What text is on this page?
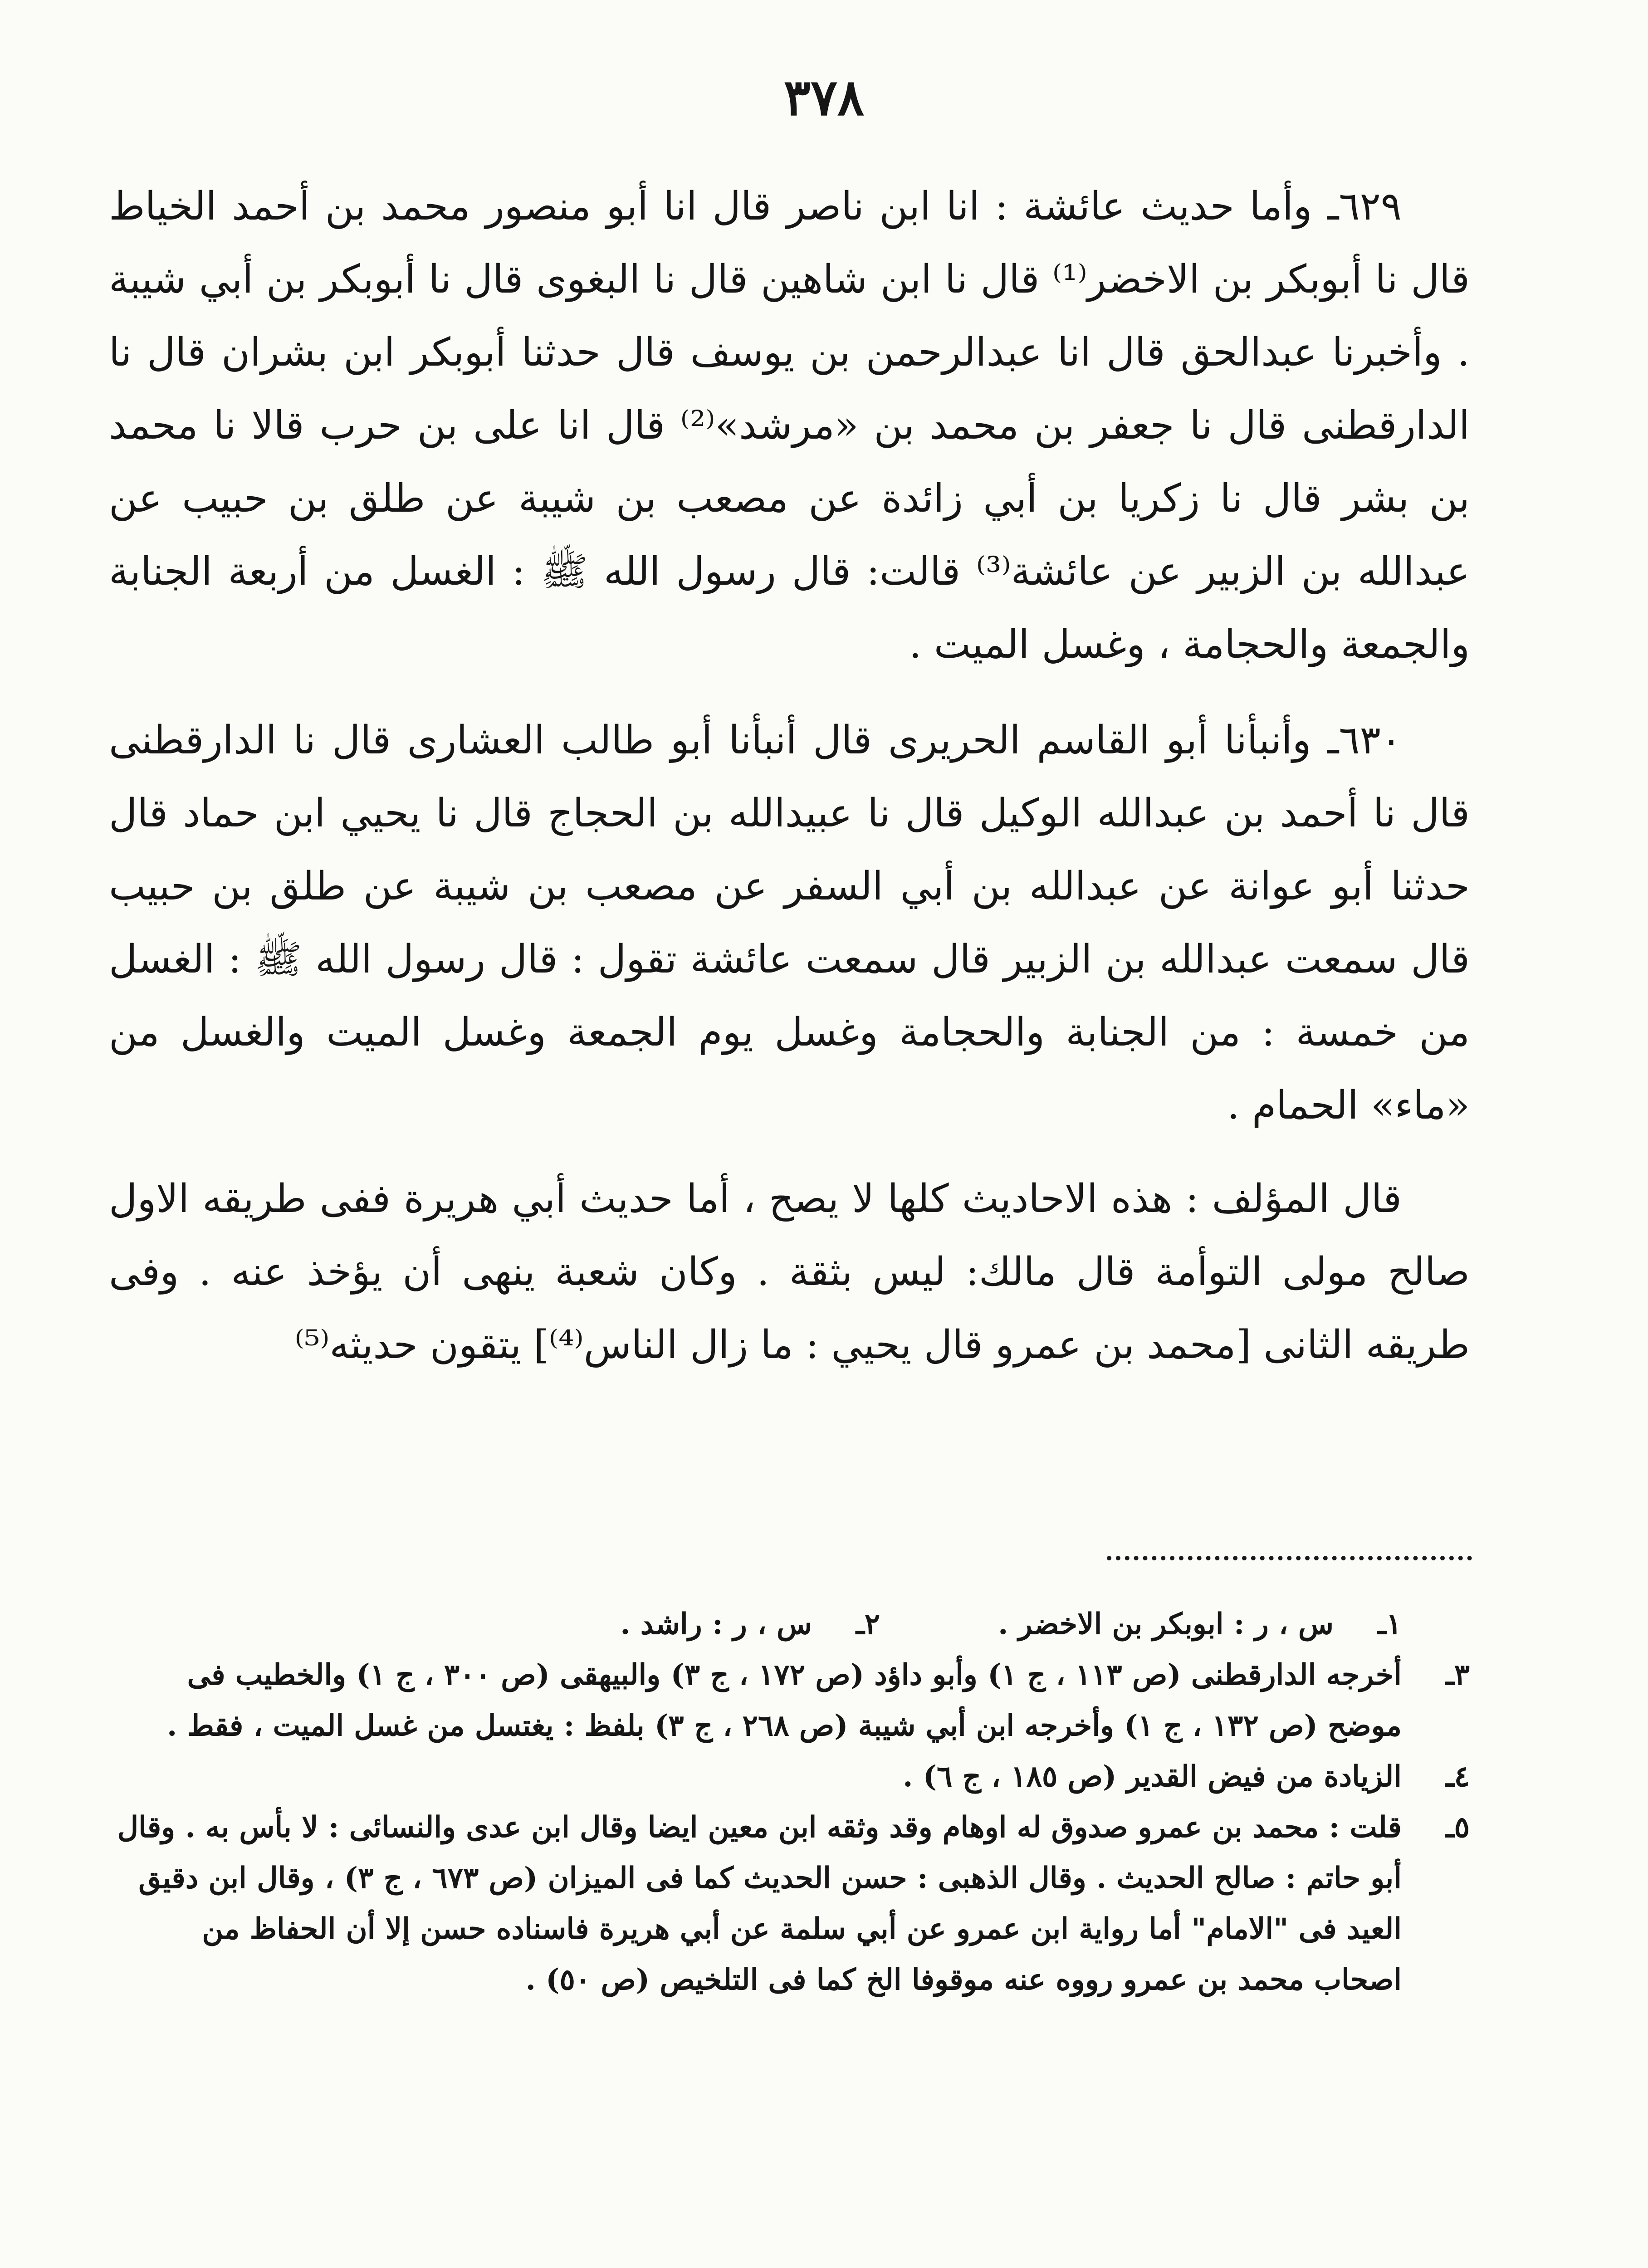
٣٧٨

٦٢٩ـ وأما حديث عائشة : انا ابن ناصر قال انا أبو منصور محمد بن أحمد الخياط قال نا أبوبكر بن الاخضر⁽¹⁾ قال نا ابن شاهين قال نا البغوى قال نا أبوبكر بن أبي شيبة . وأخبرنا عبدالحق قال انا عبدالرحمن بن يوسف قال حدثنا أبوبكر ابن بشران قال نا الدارقطنى قال نا جعفر بن محمد بن «مرشد»⁽²⁾ قال انا على بن حرب قالا نا محمد بن بشر قال نا زكريا بن أبي زائدة عن مصعب بن شيبة عن طلق بن حبيب عن عبدالله بن الزبير عن عائشة⁽³⁾ قالت: قال رسول الله ﷺ : الغسل من أربعة الجنابة والجمعة والحجامة ، وغسل الميت .

٦٣٠ـ وأنبأنا أبو القاسم الحريرى قال أنبأنا أبو طالب العشارى قال نا الدارقطنى قال نا أحمد بن عبدالله الوكيل قال نا عبيدالله بن الحجاج قال نا يحيي ابن حماد قال حدثنا أبو عوانة عن عبدالله بن أبي السفر عن مصعب بن شيبة عن طلق بن حبيب قال سمعت عبدالله بن الزبير قال سمعت عائشة تقول : قال رسول الله ﷺ : الغسل من خمسة : من الجنابة والحجامة وغسل يوم الجمعة وغسل الميت والغسل من «ماء» الحمام .

قال المؤلف : هذه الاحاديث كلها لا يصح ، أما حديث أبي هريرة ففى طريقه الاول صالح مولى التوأمة قال مالك: ليس بثقة . وكان شعبة ينهى أن يؤخذ عنه . وفى طريقه الثانى [محمد بن عمرو قال يحيي : ما زال الناس⁽⁴⁾] يتقون حديثه⁽⁵⁾

١ـ
س ، ر : ابوبكر بن الاخضر .
٢ـ
س ، ر : راشد .
٣ـ
أخرجه الدارقطنى (ص ١١٣ ، ج ١) وأبو داؤد (ص ١٧٢ ، ج ٣) والبيهقى (ص ٣٠٠ ، ج ١) والخطيب فى موضح (ص ١٣٢ ، ج ١) وأخرجه ابن أبي شيبة (ص ٢٦٨ ، ج ٣) بلفظ : يغتسل من غسل الميت ، فقط .
٤ـ
الزيادة من فيض القدير (ص ١٨٥ ، ج ٦) .
٥ـ
قلت : محمد بن عمرو صدوق له اوهام وقد وثقه ابن معين ايضا وقال ابن عدى والنسائى : لا بأس به . وقال أبو حاتم : صالح الحديث . وقال الذهبى : حسن الحديث كما فى الميزان (ص ٦٧٣ ، ج ٣) ، وقال ابن دقيق العيد فى "الامام" أما رواية ابن عمرو عن أبي سلمة عن أبي هريرة فاسناده حسن إلا أن الحفاظ من اصحاب محمد بن عمرو رووه عنه موقوفا الخ كما فى التلخيص (ص ٥٠) .
